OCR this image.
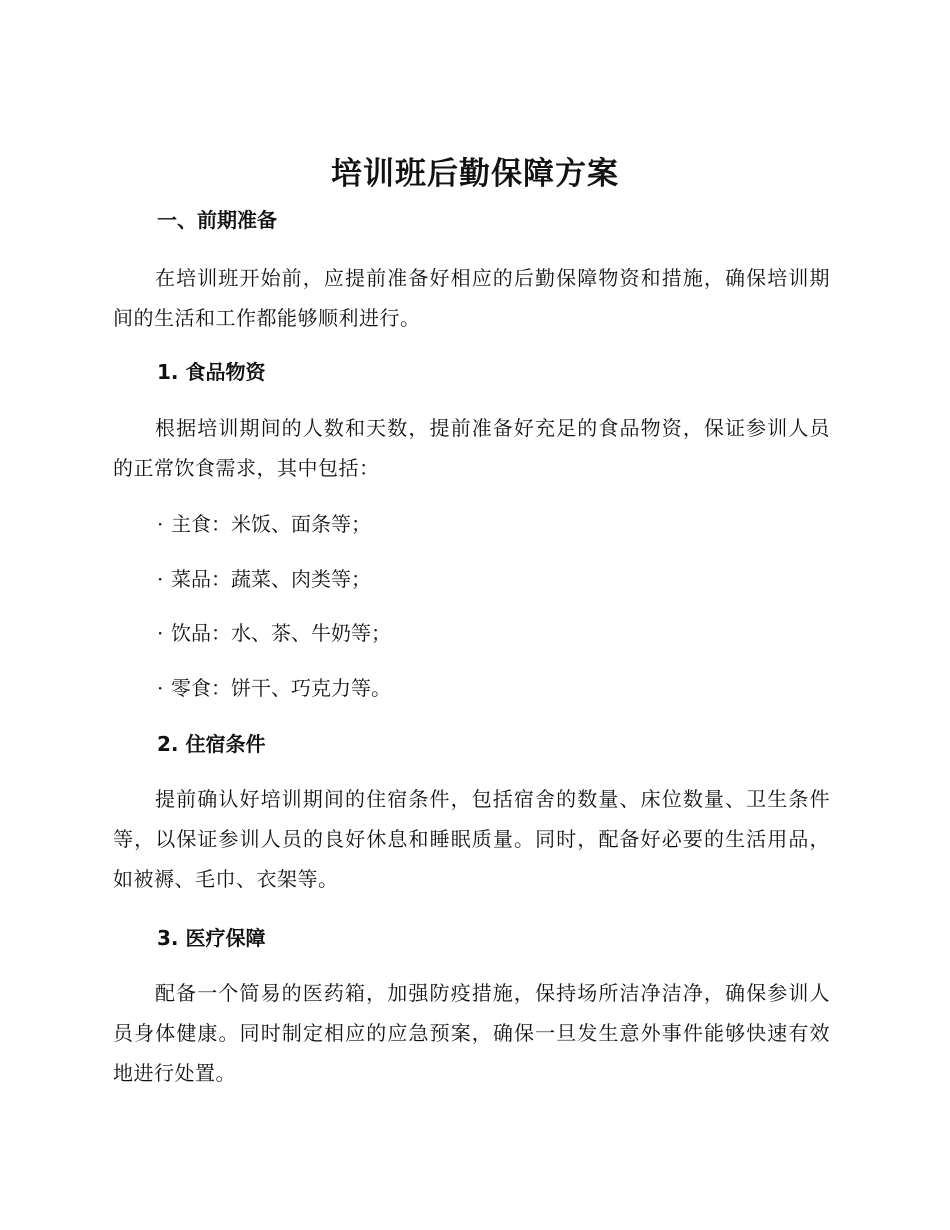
培训班后勤保障方案
一、前期准备

在培训班开始前，应提前准备好相应的后勤保障物资和措施，确保培训期间的生活和工作都能够顺利进行。

1. 食品物资

根据培训期间的人数和天数，提前准备好充足的食品物资，保证参训人员的正常饮食需求，其中包括：

· 主食：米饭、面条等；
· 菜品：蔬菜、肉类等；
· 饮品：水、茶、牛奶等；
· 零食：饼干、巧克力等。
2. 住宿条件

提前确认好培训期间的住宿条件，包括宿舍的数量、床位数量、卫生条件等，以保证参训人员的良好休息和睡眠质量。同时，配备好必要的生活用品，如被褥、毛巾、衣架等。

3. 医疗保障

配备一个简易的医药箱，加强防疫措施，保持场所洁净洁净，确保参训人员身体健康。同时制定相应的应急预案，确保一旦发生意外事件能够快速有效地进行处置。
